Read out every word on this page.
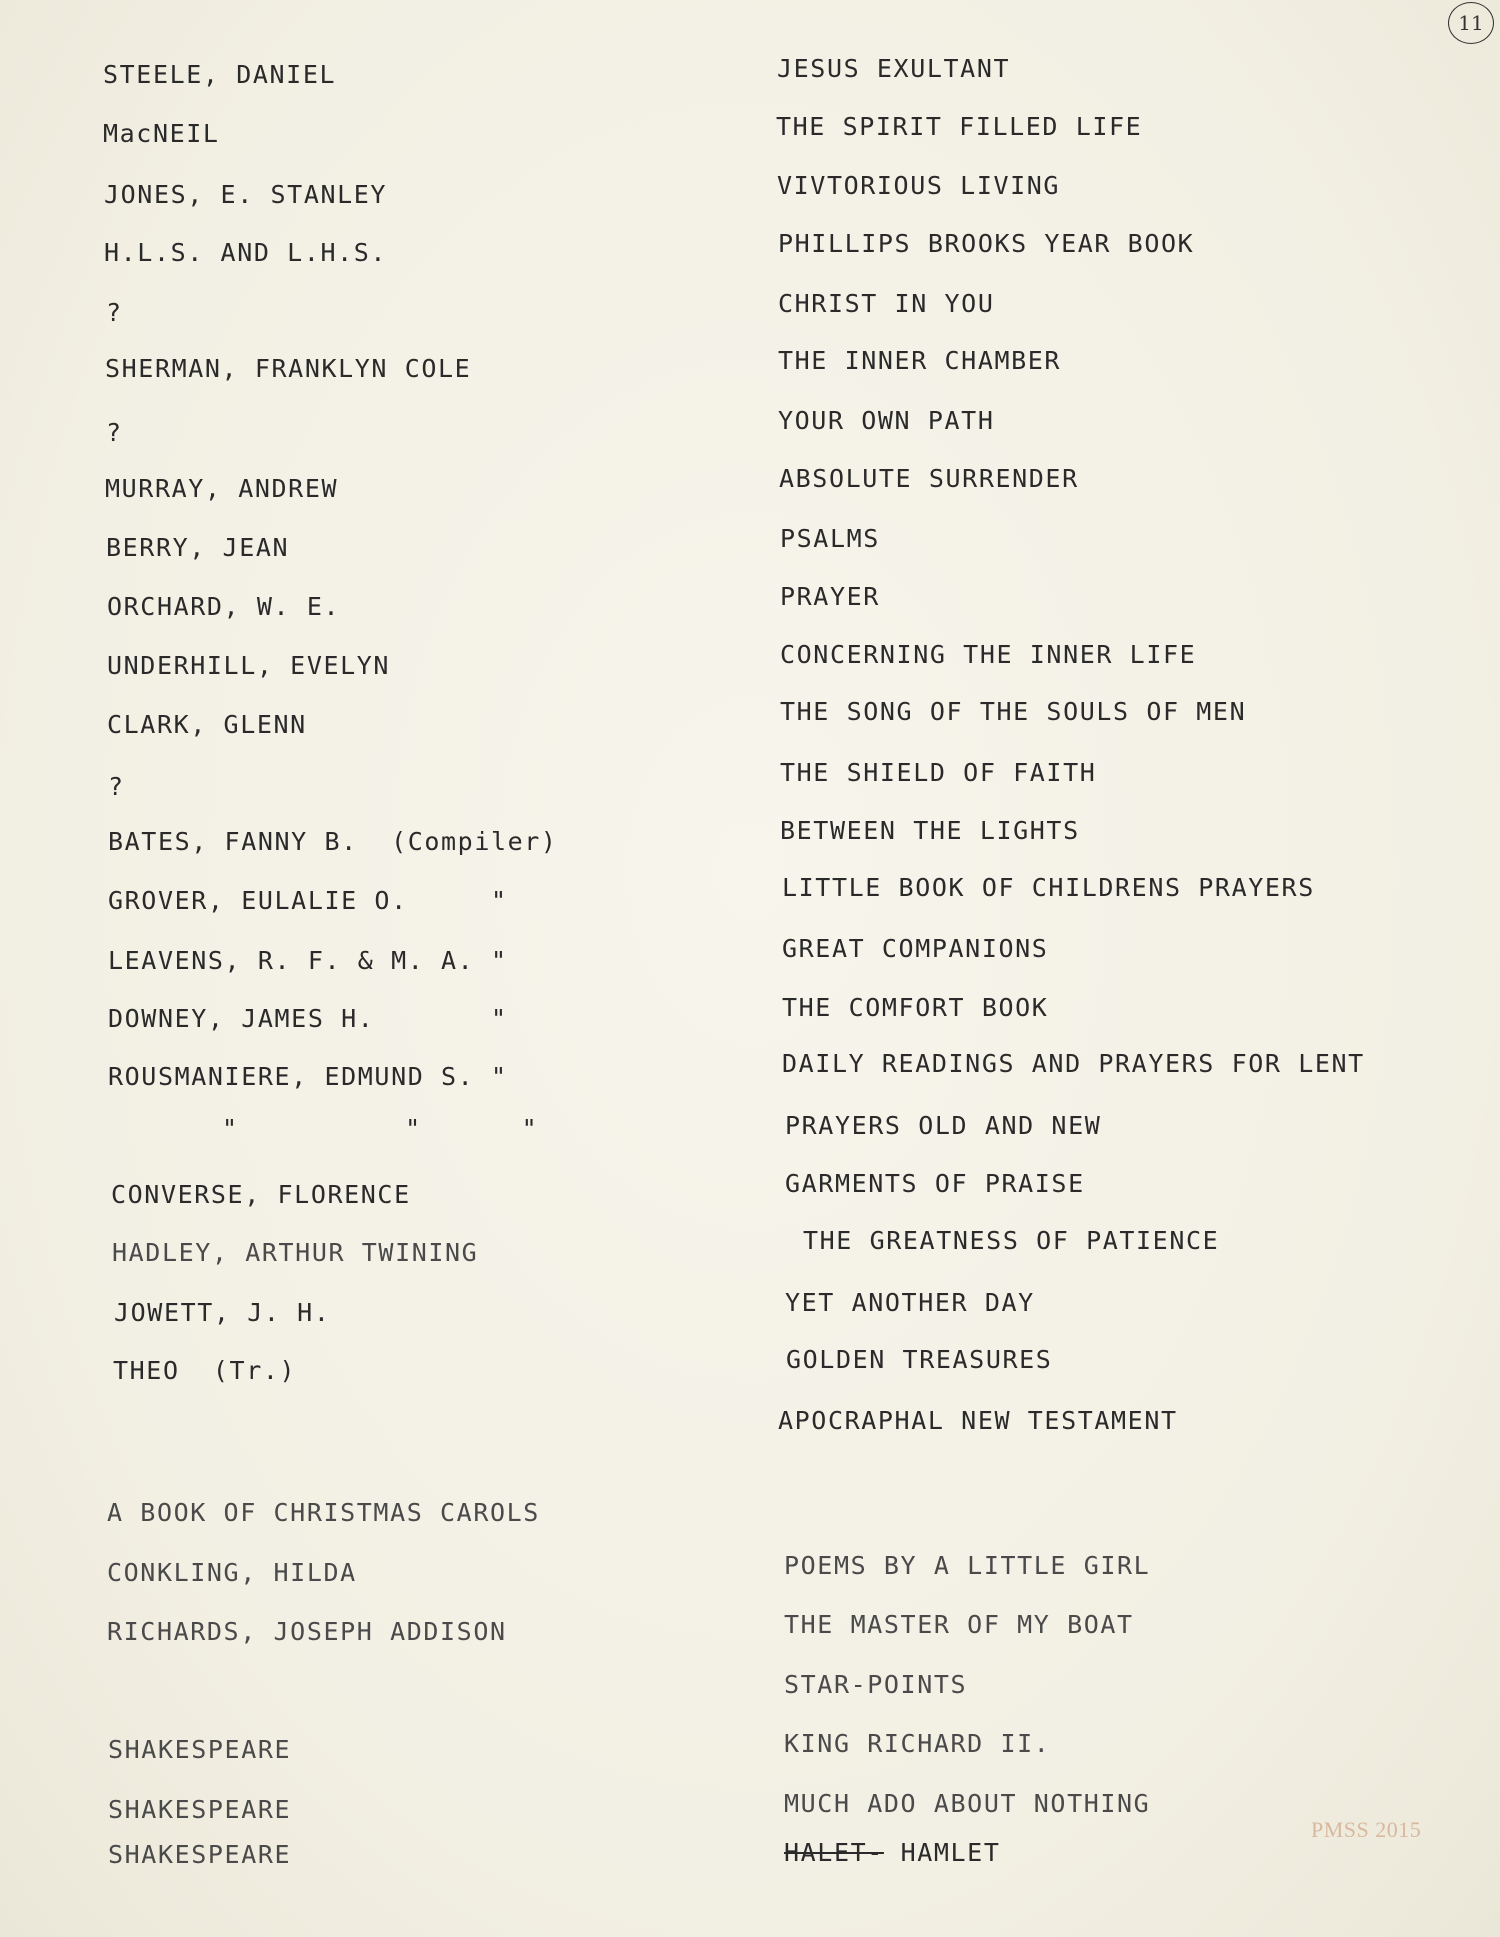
11
STEELE, DANIEL
MacNEIL
JONES, E. STANLEY
H.L.S. AND L.H.S.
?
SHERMAN, FRANKLYN COLE
?
MURRAY, ANDREW
BERRY, JEAN
ORCHARD, W. E.
UNDERHILL, EVELYN
CLARK, GLENN
?
BATES, FANNY B.  (Compiler)
GROVER, EULALIE O.     "
LEAVENS, R. F. & M. A. "
DOWNEY, JAMES H.       "
ROUSMANIERE, EDMUND S. "
"          "      "
CONVERSE, FLORENCE
HADLEY, ARTHUR TWINING
JOWETT, J. H.
THEO  (Tr.)
A BOOK OF CHRISTMAS CAROLS
CONKLING, HILDA
RICHARDS, JOSEPH ADDISON
SHAKESPEARE
SHAKESPEARE
SHAKESPEARE
JESUS EXULTANT
THE SPIRIT FILLED LIFE
VIVTORIOUS LIVING
PHILLIPS BROOKS YEAR BOOK
CHRIST IN YOU
THE INNER CHAMBER
YOUR OWN PATH
ABSOLUTE SURRENDER
PSALMS
PRAYER
CONCERNING THE INNER LIFE
THE SONG OF THE SOULS OF MEN
THE SHIELD OF FAITH
BETWEEN THE LIGHTS
LITTLE BOOK OF CHILDRENS PRAYERS
GREAT COMPANIONS
THE COMFORT BOOK
DAILY READINGS AND PRAYERS FOR LENT
PRAYERS OLD AND NEW
GARMENTS OF PRAISE
THE GREATNESS OF PATIENCE
YET ANOTHER DAY
GOLDEN TREASURES
APOCRAPHAL NEW TESTAMENT
POEMS BY A LITTLE GIRL
THE MASTER OF MY BOAT
STAR-POINTS
KING RICHARD II.
MUCH ADO ABOUT NOTHING
HALET- HAMLET
PMSS 2015
